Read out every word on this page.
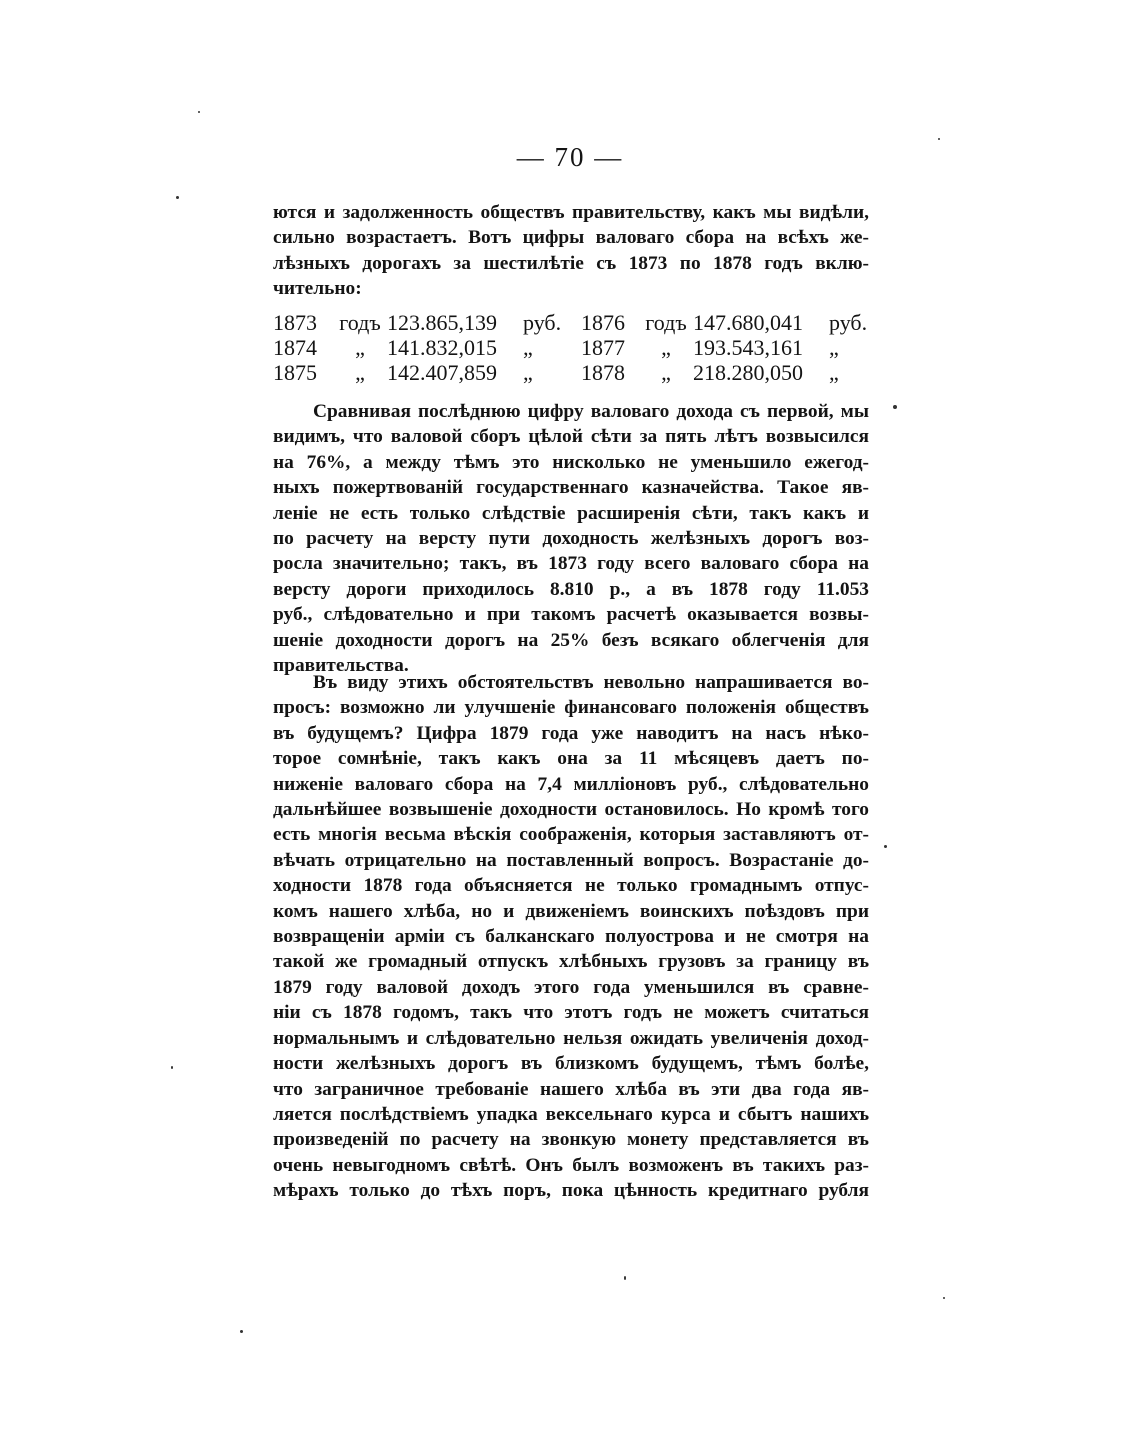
— 70 —
ются и задолженность обществъ правительству, какъ мы видѣли,
сильно возрастаетъ. Вотъ цифры валоваго сбора на всѣхъ же-
лѣзныхъ дорогахъ за шестилѣтіе съ 1873 по 1878 годъ вклю-
чительно:
1873	годъ 123.865,139	руб. 1876 годъ 147.680,041	руб.
1874	„	141.832,015	„	1877	„	193.543,161	„
1875	„	142.407,859	„	1878	„	218.280,050	„
Сравнивая послѣднюю цифру валоваго дохода съ первой, мы
видимъ, что валовой сборъ цѣлой сѣти за пять лѣтъ возвысился
на 76%, а между тѣмъ это нисколько не уменьшило ежегод-
ныхъ пожертвованій государственнаго казначейства. Такое яв-
леніе не есть только слѣдствіе расширенія сѣти, такъ какъ и
по расчету на версту пути доходность желѣзныхъ дорогъ воз-
росла значительно; такъ, въ 1873 году всего валоваго сбора на
версту дороги приходилось 8.810 р., а въ 1878 году 11.053
руб., слѣдовательно и при такомъ расчетѣ оказывается возвы-
шеніе доходности дорогъ на 25% безъ всякаго облегченія для
правительства.
Въ виду этихъ обстоятельствъ невольно напрашивается во-
просъ: возможно ли улучшеніе финансоваго положенія обществъ
въ будущемъ? Цифра 1879 года уже наводитъ на насъ нѣко-
торое сомнѣніе, такъ какъ она за 11 мѣсяцевъ даетъ по-
ниженіе валоваго сбора на 7,4 милліоновъ руб., слѣдовательно
дальнѣйшее возвышеніе доходности остановилось. Но кромѣ того
есть многія весьма вѣскія соображенія, которыя заставляютъ от-
вѣчать отрицательно на поставленный вопросъ. Возрастаніе до-
ходности 1878 года объясняется не только громаднымъ отпус-
комъ нашего хлѣба, но и движеніемъ воинскихъ поѣздовъ при
возвращеніи арміи съ балканскаго полуострова и не смотря на
такой же громадный отпускъ хлѣбныхъ грузовъ за границу въ
1879 году валовой доходъ этого года уменьшился въ сравне-
ніи съ 1878 годомъ, такъ что этотъ годъ не можетъ считаться
нормальнымъ и слѣдовательно нельзя ожидать увеличенія доход-
ности желѣзныхъ дорогъ въ близкомъ будущемъ, тѣмъ болѣе,
что заграничное требованіе нашего хлѣба въ эти два года яв-
ляется послѣдствіемъ упадка вексельнаго курса и сбытъ нашихъ
произведеній по расчету на звонкую монету представляется въ
очень невыгодномъ свѣтѣ. Онъ былъ возможенъ въ такихъ раз-
мѣрахъ только до тѣхъ поръ, пока цѣнность кредитнаго рубля
